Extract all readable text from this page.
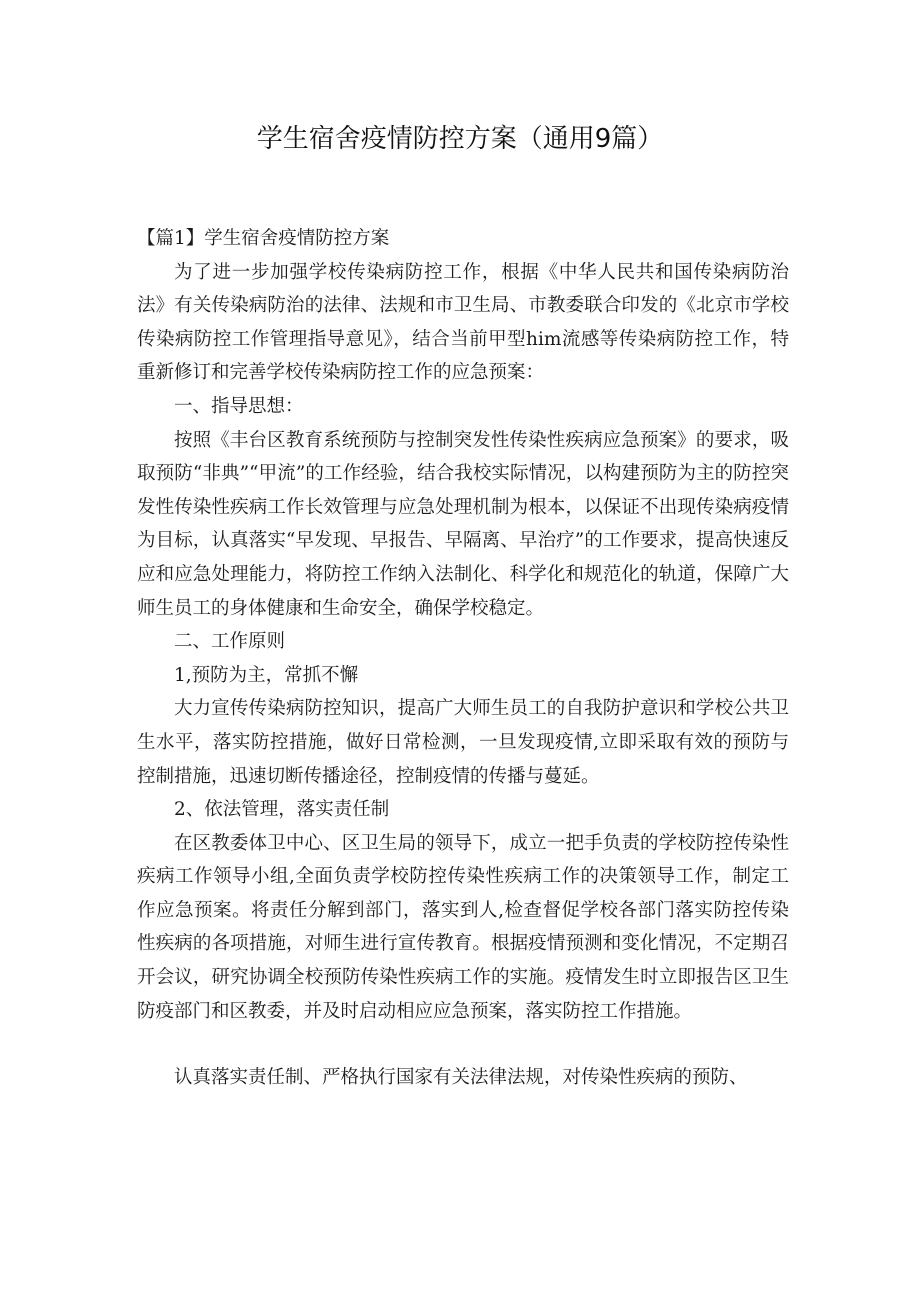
学生宿舍疫情防控方案（通用9篇）

【篇1】学生宿舍疫情防控方案

为了进一步加强学校传染病防控工作，根据《中华人民共和国传染病防治法》有关传染病防治的法律、法规和市卫生局、市教委联合印发的《北京市学校传染病防控工作管理指导意见》，结合当前甲型him流感等传染病防控工作，特重新修订和完善学校传染病防控工作的应急预案：

一、指导思想：

按照《丰台区教育系统预防与控制突发性传染性疾病应急预案》的要求，吸取预防“非典”“甲流”的工作经验，结合我校实际情况，以构建预防为主的防控突发性传染性疾病工作长效管理与应急处理机制为根本，以保证不出现传染病疫情为目标，认真落实“早发现、早报告、早隔离、早治疗”的工作要求，提高快速反应和应急处理能力，将防控工作纳入法制化、科学化和规范化的轨道，保障广大师生员工的身体健康和生命安全，确保学校稳定。

二、工作原则

1,预防为主，常抓不懈

大力宣传传染病防控知识，提高广大师生员工的自我防护意识和学校公共卫生水平，落实防控措施，做好日常检测，一旦发现疫情,立即采取有效的预防与控制措施，迅速切断传播途径，控制疫情的传播与蔓延。

2、依法管理，落实责任制

在区教委体卫中心、区卫生局的领导下，成立一把手负责的学校防控传染性疾病工作领导小组,全面负责学校防控传染性疾病工作的决策领导工作，制定工作应急预案。将责任分解到部门，落实到人,检查督促学校各部门落实防控传染性疾病的各项措施，对师生进行宣传教育。根据疫情预测和变化情况，不定期召开会议，研究协调全校预防传染性疾病工作的实施。疫情发生时立即报告区卫生防疫部门和区教委，并及时启动相应应急预案，落实防控工作措施。

认真落实责任制、严格执行国家有关法律法规，对传染性疾病的预防、
